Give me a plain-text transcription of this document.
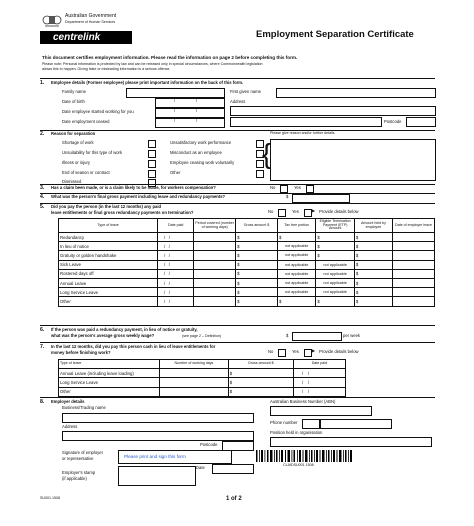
Australian Government
Department of Human Services
centrelink	Employment Separation Certificate
This document certifies employment information. Please read the information on page 2 before completing this form.
Please note: Personal information is protected by law and can be released only in special circumstances, where Commonwealth legislation
allows this to happen. Giving false or misleading information is a serious offence.
1. Employee details (Former employee) please print important information on the back of this form.
Family name	First given name
Date of birth	/	/	Address
Date employee started working for you	/	/
Date employment ceased	/	/	Postcode
2. Reason for separation	Please give reason and/or further details
Shortage of work	Unsatisfactory work performance
Unsuitability for this type of work	Misconduct as an employee
Illness or injury	Employee ceasing work voluntarily
End of season or contract	Other
Dismissed
{
3. Has a claim been made, or is a claim likely to be made, for workers compensation?	No	Yes
4. What was the person's final gross payment including leave and redundancy payments?	$
5. Did you pay the person (in the last 12 months) any paid
leave entitlements or final gross redundancy payments on termination?	No	Yes	▶ Provide details below
Type of leave	Date paid	Period covered (number of working days)	Gross amount $	Tax free portion	Eligible Termination Payment (ETP) Amount	Amount held by employee	Date of employer leave
Redundancy	/   /		$	$	$	$	
In lieu of notice	/   /		$	not applicable	$	$	
Gratuity or golden handshake	/   /		$	not applicable	$	$	
Sick Leave	/   /		$	not applicable	not applicable	$	
Rostered days off	/   /		$	not applicable	not applicable	$	
Annual Leave	/   /		$	not applicable	not applicable	$	
Long Service Leave	/   /		$	not applicable	not applicable	$	
Other	/   /		$	$	$	$	
6. If the person was paid a redundancy payment, in lieu of notice or gratuity,
what was the person's average gross weekly wage?	(see page 2 – Definition)	$	per week
7. In the last 12 months, did you pay this person cash in lieu of leave entitlements for
money before finishing work?	No	Yes	▶ Provide details below
Type of leave	Number of working days	Gross amount $	Date paid
Annual Leave (including leave loading)		$	/    /
Long Service Leave		$	/    /
Other		$	/    /
8. Employer details
Business/Trading name
Australian Business Number (ABN)
Address
Phone number
Position held in organisation
Postcode
Signature of employer
or representative	Please print and sign this form
Date
Employer's stamp
(if applicable)
CLAIDSU001 1508
SU001.1508	1 of 2
